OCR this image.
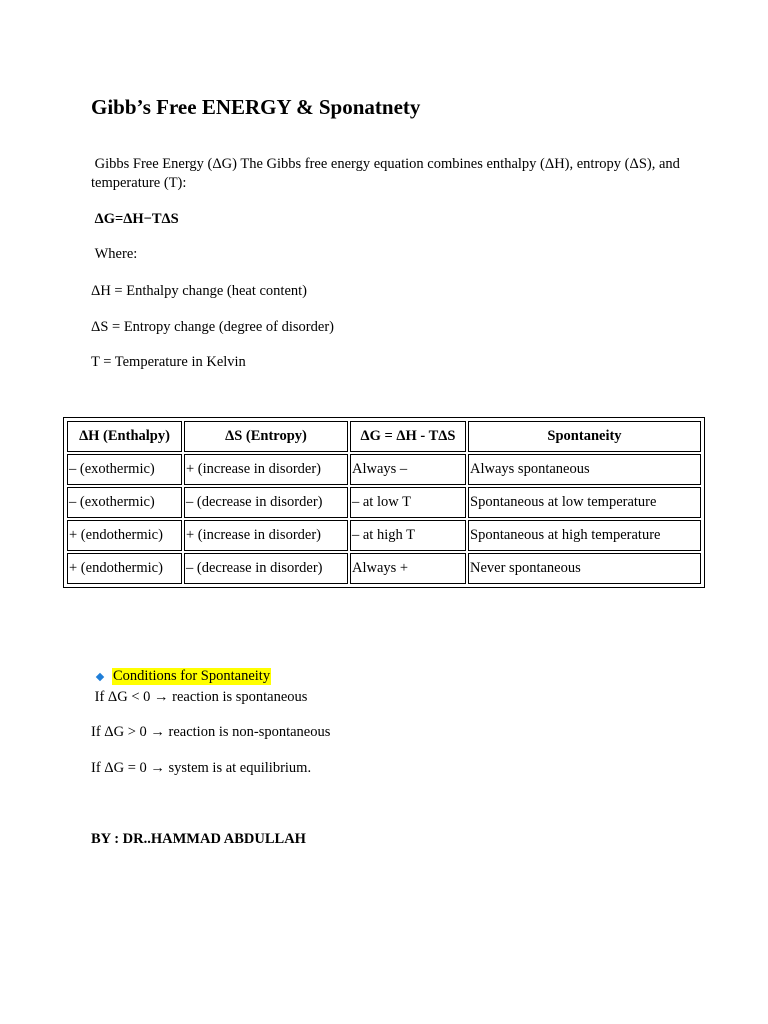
Gibb’s Free ENERGY & Sponatnety
Gibbs Free Energy (ΔG) The Gibbs free energy equation combines enthalpy (ΔH), entropy (ΔS), and temperature (T):
ΔG=ΔH−TΔS
Where:
ΔH = Enthalpy change (heat content)
ΔS = Entropy change (degree of disorder)
T = Temperature in Kelvin
ΔH (Enthalpy)	ΔS (Entropy)	ΔG = ΔH - TΔS	Spontaneity
– (exothermic)	+ (increase in disorder)	Always –	Always spontaneous
– (exothermic)	– (decrease in disorder)	– at low T	Spontaneous at low temperature
+ (endothermic)	+ (increase in disorder)	– at high T	Spontaneous at high temperature
+ (endothermic)	– (decrease in disorder)	Always +	Never spontaneous
Conditions for Spontaneity
If ΔG < 0 → reaction is spontaneous
If ΔG > 0 → reaction is non-spontaneous
If ΔG = 0 → system is at equilibrium.
BY : DR..HAMMAD ABDULLAH
